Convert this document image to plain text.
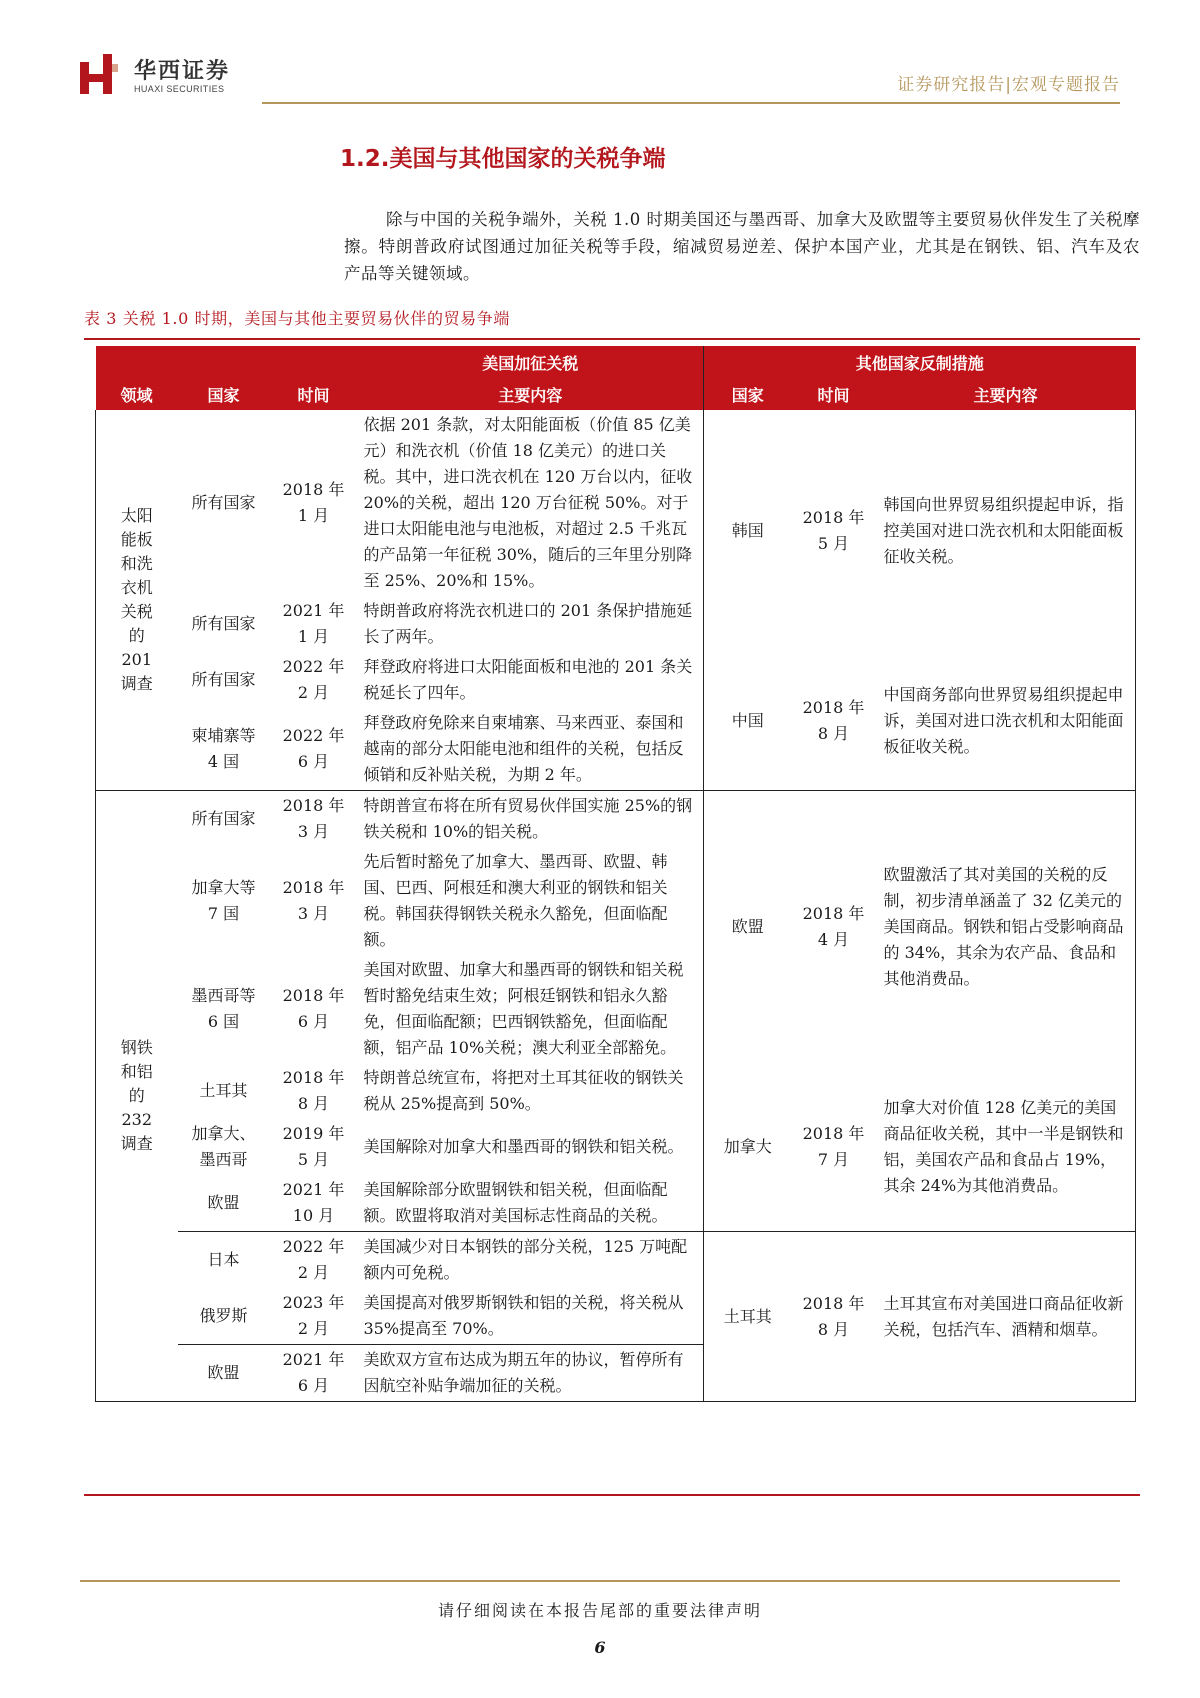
华西证券
HUAXI SECURITIES	证券研究报告|宏观专题报告
1.2.美国与其他国家的关税争端
除与中国的关税争端外，关税 1.0 时期美国还与墨西哥、加拿大及欧盟等主要贸易伙伴发生了关税摩擦。特朗普政府试图通过加征关税等手段，缩减贸易逆差、保护本国产业，尤其是在钢铁、铝、汽车及农产品等关键领域。
表 3 关税 1.0 时期，美国与其他主要贸易伙伴的贸易争端
			美国加征关税	其他国家反制措施		
领域	国家	时间	主要内容	国家	时间	主要内容

太阳能板和洗衣机关税的201调查	所有国家	2018 年 1 月	依据 201 条款，对太阳能面板（价值 85 亿美元）和洗衣机（价值 18 亿美元）的进口关税。其中，进口洗衣机在 120 万台以内，征收 20%的关税，超出 120 万台征税 50%。对于进口太阳能电池与电池板，对超过 2.5 千兆瓦的产品第一年征税 30%，随后的三年里分别降至 25%、20%和 15%。	韩国	2018 年 5 月	韩国向世界贸易组织提起申诉，指控美国对进口洗衣机和太阳能面板征收关税。
	所有国家	2021 年 1 月	特朗普政府将洗衣机进口的 201 条保护措施延长了两年。			
	所有国家	2022 年 2 月	拜登政府将进口太阳能面板和电池的 201 条关税延长了四年。	中国	2018 年 8 月	中国商务部向世界贸易组织提起申诉，美国对进口洗衣机和太阳能面板征收关税。

	柬埔寨等 4 国	2022 年 6 月	拜登政府免除来自柬埔寨、马来西亚、泰国和越南的部分太阳能电池和组件的关税，包括反倾销和反补贴关税，为期 2 年。			

钢铁和铝的232调查	所有国家	2018 年 3 月	特朗普宣布将在所有贸易伙伴国实施 25%的钢铁关税和 10%的铝关税。	欧盟	2018 年 4 月	欧盟激活了其对美国的关税的反制，初步清单涵盖了 32 亿美元的美国商品。钢铁和铝占受影响商品的 34%，其余为农产品、食品和其他消费品。

	加拿大等 7 国	2018 年 3 月	先后暂时豁免了加拿大、墨西哥、欧盟、韩国、巴西、阿根廷和澳大利亚的钢铁和铝关税。韩国获得钢铁关税永久豁免，但面临配额。			

	墨西哥等 6 国	2018 年 6 月	美国对欧盟、加拿大和墨西哥的钢铁和铝关税暂时豁免结束生效；阿根廷钢铁和铝永久豁免，但面临配额；巴西钢铁豁免，但面临配额，铝产品 10%关税；澳大利亚全部豁免。			
	土耳其	2018 年 8 月	特朗普总统宣布，将把对土耳其征收的钢铁关税从 25%提高到 50%。	加拿大	2018 年 7 月	加拿大对价值 128 亿美元的美国商品征收关税，其中一半是钢铁和铝，美国农产品和食品占 19%，其余 24%为其他消费品。

	加拿大、墨西哥	2019 年 5 月	美国解除对加拿大和墨西哥的钢铁和铝关税。			
	欧盟	2021 年 10 月	美国解除部分欧盟钢铁和铝关税，但面临配额。欧盟将取消对美国标志性商品的关税。			
	日本	2022 年 2 月	美国减少对日本钢铁的部分关税，125 万吨配额内可免税。	土耳其	2018 年 8 月	土耳其宣布对美国进口商品征收新关税，包括汽车、酒精和烟草。
	俄罗斯	2023 年 2 月	美国提高对俄罗斯钢铁和铝的关税，将关税从 35%提高至 70%。			
	欧盟	2021 年 6 月	美欧双方宣布达成为期五年的协议，暂停所有因航空补贴争端加征的关税。			
请仔细阅读在本报告尾部的重要法律声明
6
